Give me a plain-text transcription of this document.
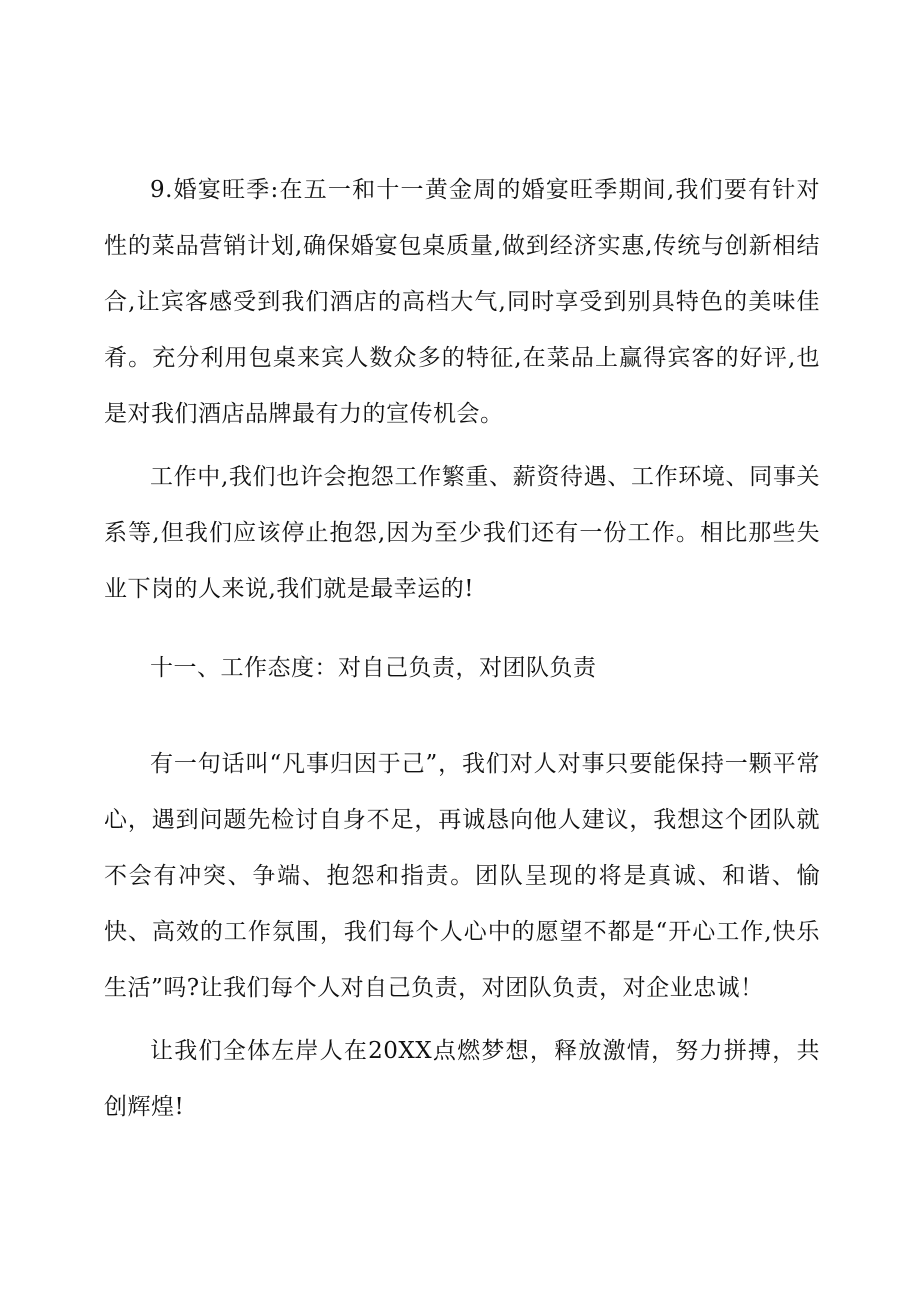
9.婚宴旺季:在五一和十一黄金周的婚宴旺季期间,我们要有针对性的菜品营销计划,确保婚宴包桌质量,做到经济实惠,传统与创新相结合,让宾客感受到我们酒店的高档大气,同时享受到别具特色的美味佳肴。充分利用包桌来宾人数众多的特征,在菜品上赢得宾客的好评,也是对我们酒店品牌最有力的宣传机会。

工作中,我们也许会抱怨工作繁重、薪资待遇、工作环境、同事关系等,但我们应该停止抱怨,因为至少我们还有一份工作。相比那些失业下岗的人来说,我们就是最幸运的!

十一、工作态度：对自己负责，对团队负责

有一句话叫“凡事归因于己”，我们对人对事只要能保持一颗平常心，遇到问题先检讨自身不足，再诚恳向他人建议，我想这个团队就不会有冲突、争端、抱怨和指责。团队呈现的将是真诚、和谐、愉快、高效的工作氛围，我们每个人心中的愿望不都是“开心工作,快乐生活”吗?让我们每个人对自己负责，对团队负责，对企业忠诚！

让我们全体左岸人在20XX点燃梦想，释放激情，努力拼搏，共创辉煌!
